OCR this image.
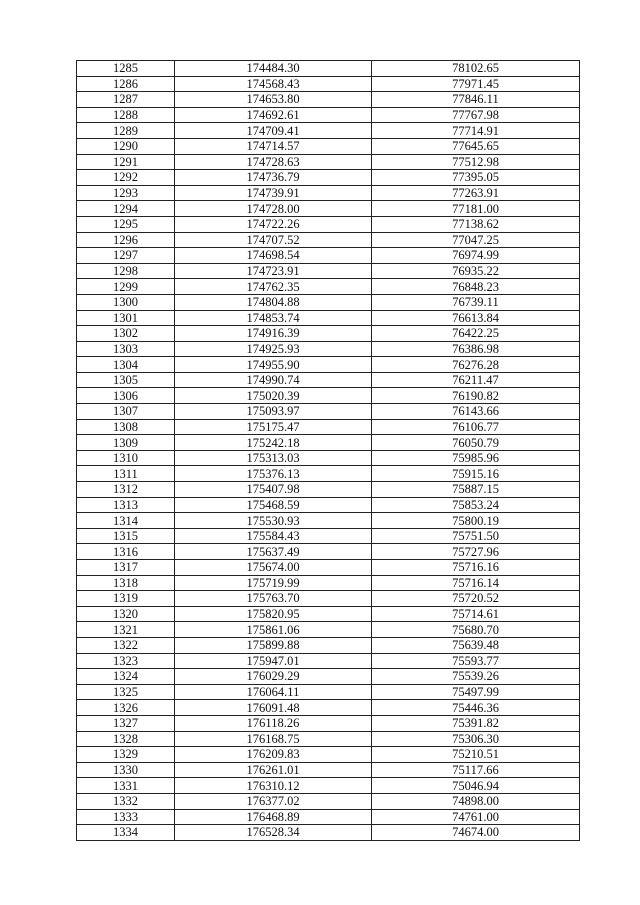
1285	174484.30	78102.65
1286	174568.43	77971.45
1287	174653.80	77846.11
1288	174692.61	77767.98
1289	174709.41	77714.91
1290	174714.57	77645.65
1291	174728.63	77512.98
1292	174736.79	77395.05
1293	174739.91	77263.91
1294	174728.00	77181.00
1295	174722.26	77138.62
1296	174707.52	77047.25
1297	174698.54	76974.99
1298	174723.91	76935.22
1299	174762.35	76848.23
1300	174804.88	76739.11
1301	174853.74	76613.84
1302	174916.39	76422.25
1303	174925.93	76386.98
1304	174955.90	76276.28
1305	174990.74	76211.47
1306	175020.39	76190.82
1307	175093.97	76143.66
1308	175175.47	76106.77
1309	175242.18	76050.79
1310	175313.03	75985.96
1311	175376.13	75915.16
1312	175407.98	75887.15
1313	175468.59	75853.24
1314	175530.93	75800.19
1315	175584.43	75751.50
1316	175637.49	75727.96
1317	175674.00	75716.16
1318	175719.99	75716.14
1319	175763.70	75720.52
1320	175820.95	75714.61
1321	175861.06	75680.70
1322	175899.88	75639.48
1323	175947.01	75593.77
1324	176029.29	75539.26
1325	176064.11	75497.99
1326	176091.48	75446.36
1327	176118.26	75391.82
1328	176168.75	75306.30
1329	176209.83	75210.51
1330	176261.01	75117.66
1331	176310.12	75046.94
1332	176377.02	74898.00
1333	176468.89	74761.00
1334	176528.34	74674.00
